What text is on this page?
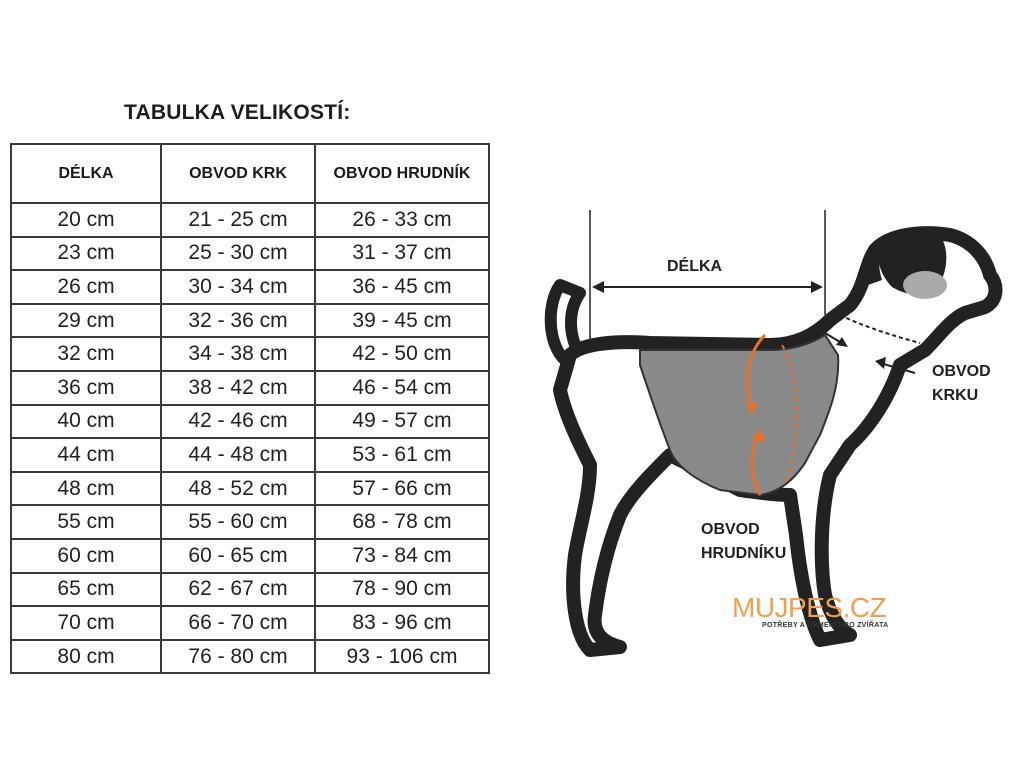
TABULKA VELIKOSTÍ:
DÉLKA	OBVOD KRK	OBVOD HRUDNÍK
20 cm	21 - 25 cm	26 - 33 cm
23 cm	25 - 30 cm	31 - 37 cm
26 cm	30 - 34 cm	36 - 45 cm
29 cm	32 - 36 cm	39 - 45 cm
32 cm	34 - 38 cm	42 - 50 cm
36 cm	38 - 42 cm	46 - 54 cm
40 cm	42 - 46 cm	49 - 57 cm
44 cm	44 - 48 cm	53 - 61 cm
48 cm	48 - 52 cm	57 - 66 cm
55 cm	55 - 60 cm	68 - 78 cm
60 cm	60 - 65 cm	73 - 84 cm
65 cm	62 - 67 cm	78 - 90 cm
70 cm	66 - 70 cm	83 - 96 cm
80 cm	76 - 80 cm	93 - 106 cm
DÉLKA
OBVOD
KRKU
OBVOD
HRUDNÍKU
MUJPES.CZ
POTŘEBY A KRMENÍ PRO ZVÍŘATA
